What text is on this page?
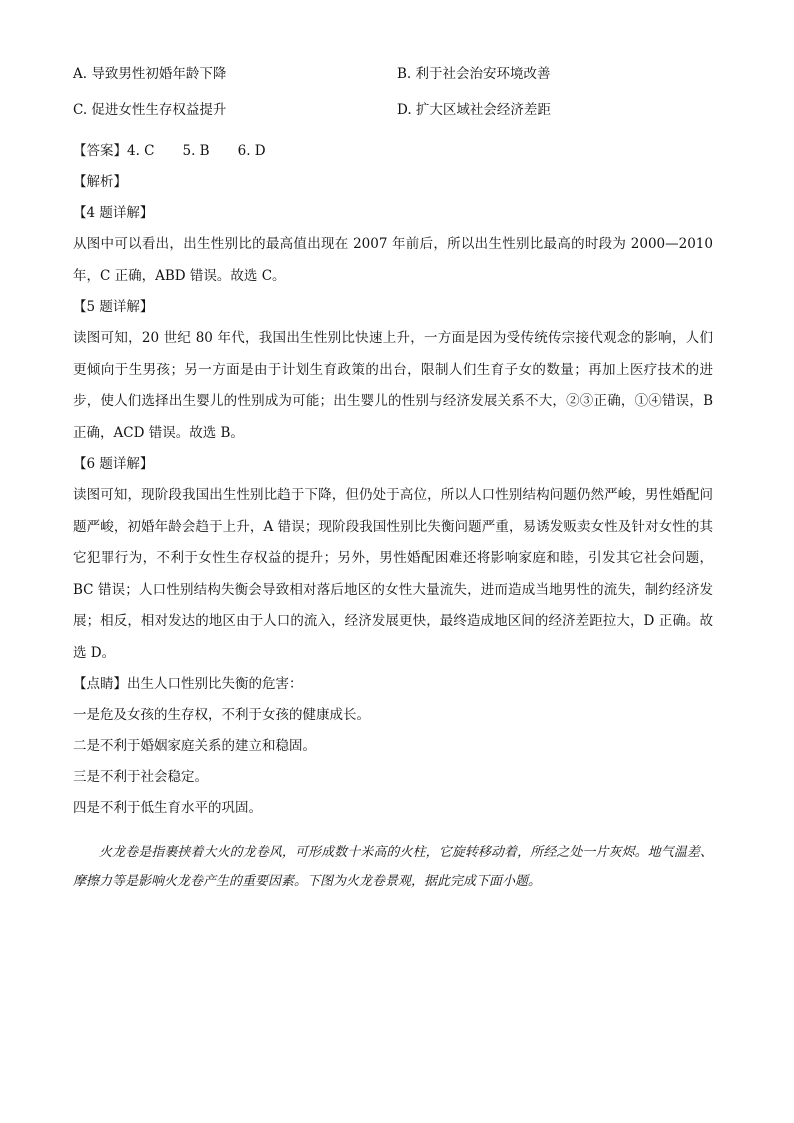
A. 导致男性初婚年龄下降	B. 利于社会治安环境改善
C. 促进女性生存权益提升	D. 扩大区域社会经济差距
【答案】4. C 5. B 6. D
【解析】
【4 题详解】
从图中可以看出，出生性别比的最高值出现在 2007 年前后，所以出生性别比最高的时段为 2000—2010 年，C 正确，ABD 错误。故选 C。
【5 题详解】
读图可知，20 世纪 80 年代，我国出生性别比快速上升，一方面是因为受传统传宗接代观念的影响，人们更倾向于生男孩；另一方面是由于计划生育政策的出台，限制人们生育子女的数量；再加上医疗技术的进步，使人们选择出生婴儿的性别成为可能；出生婴儿的性别与经济发展关系不大，②③正确，①④错误，B 正确，ACD 错误。故选 B。
【6 题详解】
读图可知，现阶段我国出生性别比趋于下降，但仍处于高位，所以人口性别结构问题仍然严峻，男性婚配问题严峻，初婚年龄会趋于上升，A 错误；现阶段我国性别比失衡问题严重，易诱发贩卖女性及针对女性的其它犯罪行为，不利于女性生存权益的提升；另外，男性婚配困难还将影响家庭和睦，引发其它社会问题，BC 错误；人口性别结构失衡会导致相对落后地区的女性大量流失，进而造成当地男性的流失，制约经济发展；相反，相对发达的地区由于人口的流入，经济发展更快，最终造成地区间的经济差距拉大，D 正确。故选 D。
【点睛】出生人口性别比失衡的危害：
一是危及女孩的生存权，不利于女孩的健康成长。
二是不利于婚姻家庭关系的建立和稳固。
三是不利于社会稳定。
四是不利于低生育水平的巩固。
火龙卷是指裹挟着大火的龙卷风，可形成数十米高的火柱，它旋转移动着，所经之处一片灰烬。地气温差、摩擦力等是影响火龙卷产生的重要因素。下图为火龙卷景观，据此完成下面小题。
